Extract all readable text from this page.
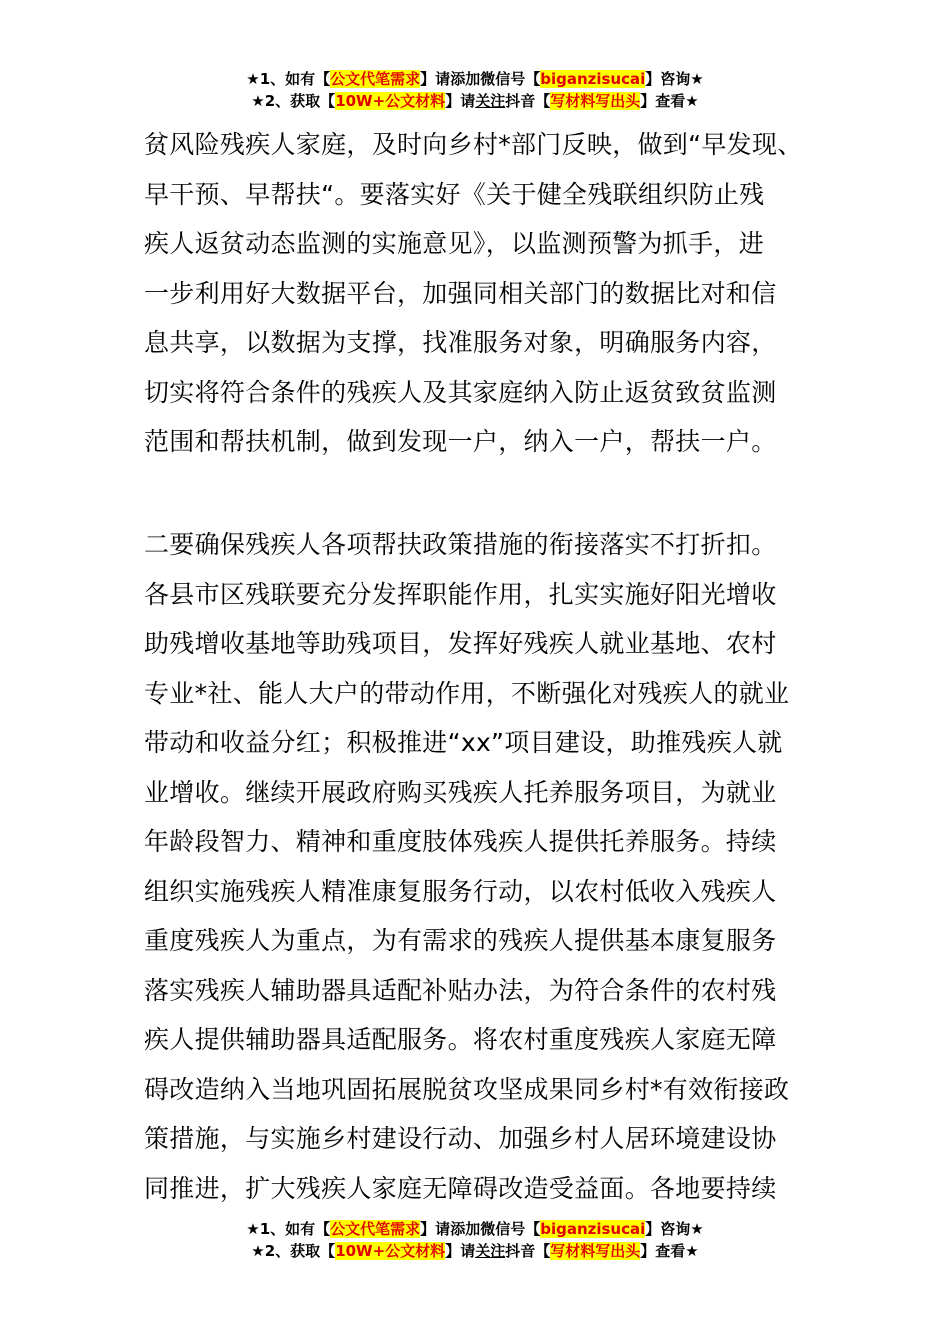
★1、如有【公文代笔需求】请添加微信号【biganzisucai】咨询★
★2、获取【10W+公文材料】请关注抖音【写材料写出头】查看★
贫风险残疾人家庭，及时向乡村*部门反映，做到“早发现、
早干预、早帮扶“。要落实好《关于健全残联组织防止残
疾人返贫动态监测的实施意见》，以监测预警为抓手，进
一步利用好大数据平台，加强同相关部门的数据比对和信
息共享，以数据为支撑，找准服务对象，明确服务内容，
切实将符合条件的残疾人及其家庭纳入防止返贫致贫监测
范围和帮扶机制，做到发现一户，纳入一户，帮扶一户。
二要确保残疾人各项帮扶政策措施的衔接落实不打折扣。
各县市区残联要充分发挥职能作用，扎实实施好阳光增收
助残增收基地等助残项目，发挥好残疾人就业基地、农村
专业*社、能人大户的带动作用，不断强化对残疾人的就业
带动和收益分红；积极推进“xx”项目建设，助推残疾人就
业增收。继续开展政府购买残疾人托养服务项目，为就业
年龄段智力、精神和重度肢体残疾人提供托养服务。持续
组织实施残疾人精准康复服务行动，以农村低收入残疾人
重度残疾人为重点，为有需求的残疾人提供基本康复服务
落实残疾人辅助器具适配补贴办法，为符合条件的农村残
疾人提供辅助器具适配服务。将农村重度残疾人家庭无障
碍改造纳入当地巩固拓展脱贫攻坚成果同乡村*有效衔接政
策措施，与实施乡村建设行动、加强乡村人居环境建设协
同推进，扩大残疾人家庭无障碍改造受益面。各地要持续
★1、如有【公文代笔需求】请添加微信号【biganzisucai】咨询★
★2、获取【10W+公文材料】请关注抖音【写材料写出头】查看★
